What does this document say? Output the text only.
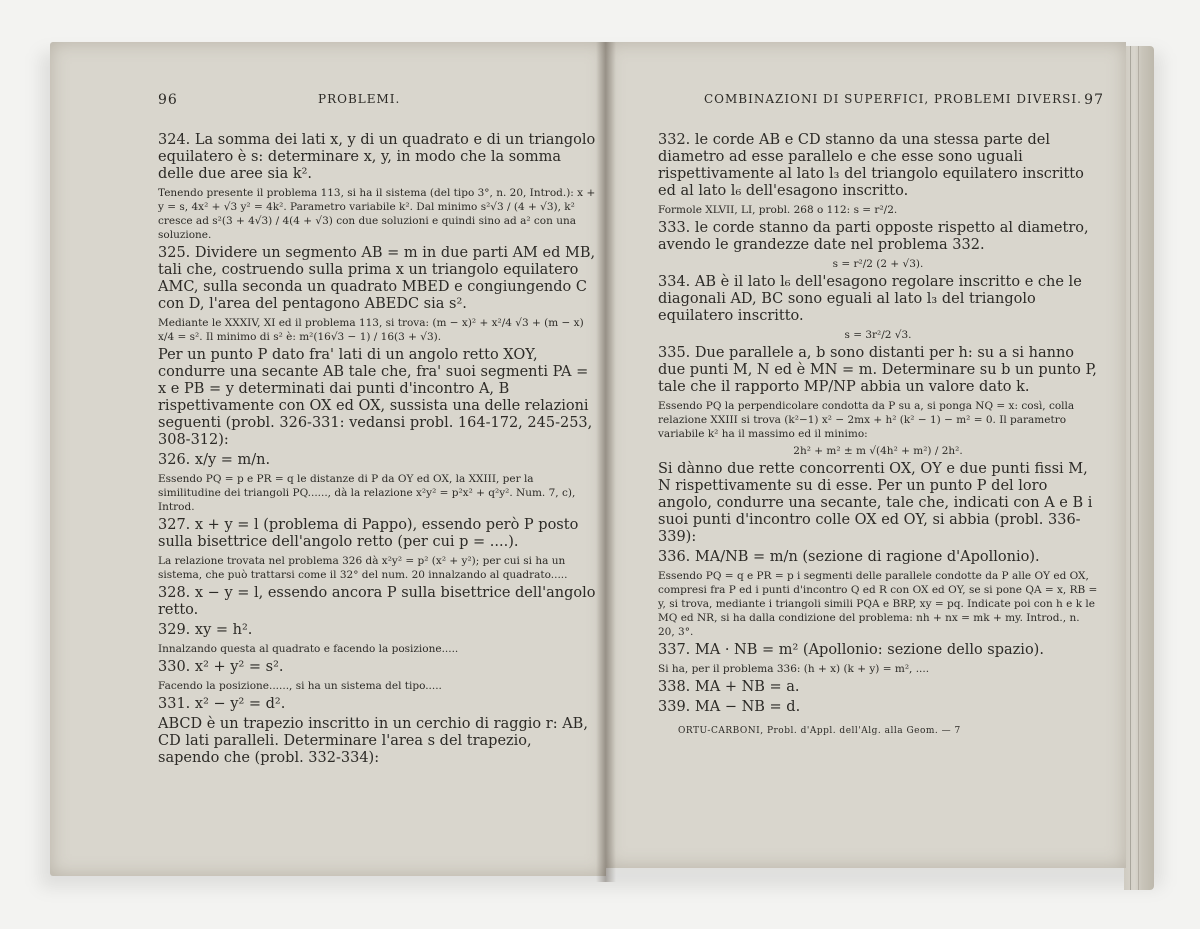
96	PROBLEMI.

324. La somma dei lati x, y di un quadrato e di un triangolo equilatero è s: determinare x, y, in modo che la somma delle due aree sia k².

Tenendo presente il problema 113, si ha il sistema (del tipo 3°, n. 20, Introd.): x + y = s, 4x² + √3 y² = 4k². Parametro variabile k². Dal minimo s²√3 / (4 + √3), k² cresce ad s²(3 + 4√3) / 4(4 + √3) con due soluzioni e quindi sino ad a² con una soluzione.

325. Dividere un segmento AB = m in due parti AM ed MB, tali che, costruendo sulla prima x un triangolo equilatero AMC, sulla seconda un quadrato MBED e congiungendo C con D, l'area del pentagono ABEDC sia s².

Mediante le XXXIV, XI ed il problema 113, si trova: (m − x)² + x²/4 √3 + (m − x) x/4 = s². Il minimo di s² è: m²(16√3 − 1) / 16(3 + √3).

Per un punto P dato fra' lati di un angolo retto XOY, condurre una secante AB tale che, fra' suoi segmenti PA = x e PB = y determinati dai punti d'incontro A, B rispettivamente con OX ed OX, sussista una delle relazioni seguenti (probl. 326-331: vedansi probl. 164-172, 245-253, 308-312):

326. x/y = m/n.

Essendo PQ = p e PR = q le distanze di P da OY ed OX, la XXIII, per la similitudine dei triangoli PQ......, dà la relazione x²y² = p²x² + q²y². Num. 7, c), Introd.

327. x + y = l (problema di Pappo), essendo però P posto sulla bisettrice dell'angolo retto (per cui p = ....).

La relazione trovata nel problema 326 dà x²y² = p² (x² + y²); per cui si ha un sistema, che può trattarsi come il 32° del num. 20 innalzando al quadrato.....

328. x − y = l, essendo ancora P sulla bisettrice dell'angolo retto.

329. xy = h².

Innalzando questa al quadrato e facendo la posizione.....

330. x² + y² = s².

Facendo la posizione......, si ha un sistema del tipo.....

331. x² − y² = d².

ABCD è un trapezio inscritto in un cerchio di raggio r: AB, CD lati paralleli. Determinare l'area s del trapezio, sapendo che (probl. 332-334):

COMBINAZIONI DI SUPERFICI, PROBLEMI DIVERSI. 97

332. le corde AB e CD stanno da una stessa parte del diametro ad esse parallelo e che esse sono uguali rispettivamente al lato l₃ del triangolo equilatero inscritto ed al lato l₆ dell'esagono inscritto.

Formole XLVII, LI, probl. 268 o 112: s = r²/2.

333. le corde stanno da parti opposte rispetto al diametro, avendo le grandezze date nel problema 332.

s = r²/2 (2 + √3).

334. AB è il lato l₆ dell'esagono regolare inscritto e che le diagonali AD, BC sono eguali al lato l₃ del triangolo equilatero inscritto.

s = 3r²/2 √3.

335. Due parallele a, b sono distanti per h: su a si hanno due punti M, N ed è MN = m. Determinare su b un punto P, tale che il rapporto MP/NP abbia un valore dato k.

Essendo PQ la perpendicolare condotta da P su a, si ponga NQ = x: così, colla relazione XXIII si trova (k²−1) x² − 2mx + h² (k² − 1) − m² = 0. Il parametro variabile k² ha il massimo ed il minimo:

2h² + m² ± m √(4h² + m²) / 2h².

Si dànno due rette concorrenti OX, OY e due punti fissi M, N rispettivamente su di esse. Per un punto P del loro angolo, condurre una secante, tale che, indicati con A e B i suoi punti d'incontro colle OX ed OY, si abbia (probl. 336-339):

336. MA/NB = m/n (sezione di ragione d'Apollonio).

Essendo PQ = q e PR = p i segmenti delle parallele condotte da P alle OY ed OX, compresi fra P ed i punti d'incontro Q ed R con OX ed OY, se si pone QA = x, RB = y, si trova, mediante i triangoli simili PQA e BRP, xy = pq. Indicate poi con h e k le MQ ed NR, si ha dalla condizione del problema: nh + nx = mk + my. Introd., n. 20, 3°.

337. MA · NB = m² (Apollonio: sezione dello spazio).

Si ha, per il problema 336: (h + x) (k + y) = m², ....

338. MA + NB = a.

339. MA − NB = d.

ORTU-CARBONI, Probl. d'Appl. dell'Alg. alla Geom. — 7
